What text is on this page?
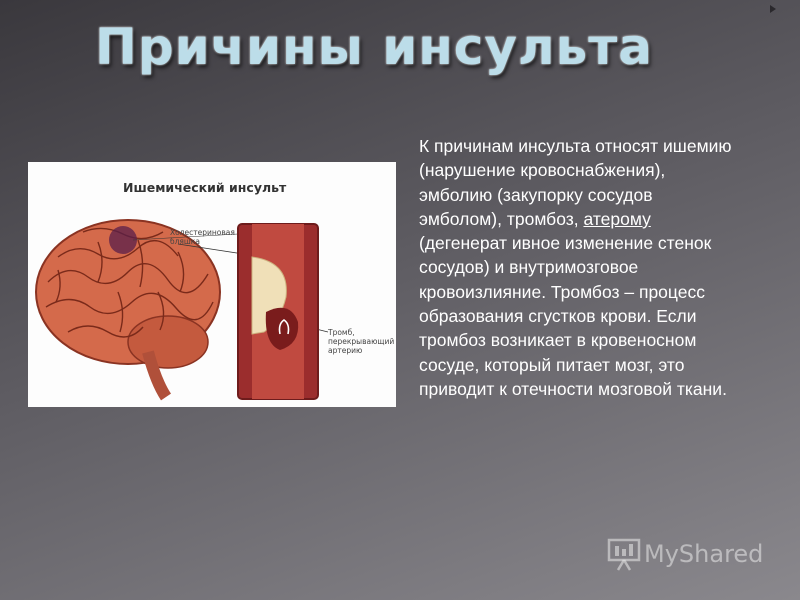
Причины инсульта
Ишемический инсульт
Холестериновая бляшка
Тромб, перекрывающий артерию

К причинам инсульта относят ишемию (нарушение кровоснабжения), эмболию (закупорку сосудов эмболом), тромбоз, атерому (дегенерат ивное изменение стенок сосудов) и внутримозговое кровоизлияние. Тромбоз – процесс образования сгустков крови. Если тромбоз возникает в кровеносном сосуде, который питает мозг, это приводит к отечности мозговой ткани.

MyShared
